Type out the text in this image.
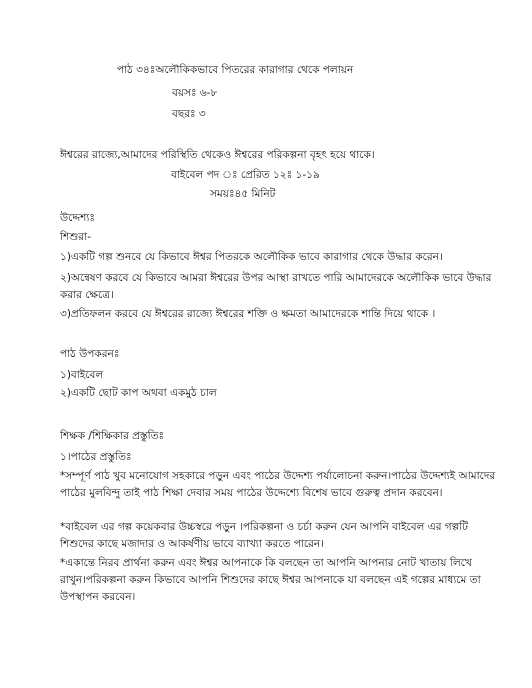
পাঠ ৩৪ঃঅলৌকিকভাবে পিতরের কারাগার থেকে পলায়ন
বয়সঃ ৬-৮
বছরঃ ৩
ঈশ্বরের রাজ্যে,আমাদের পরিস্থিতি থেকেও ঈশ্বরের পরিকল্পনা বৃহৎ হয়ে থাকে।
বাইবেল পদ ঃ প্রেরিত ১২ঃ ১-১৯
সময়ঃ৪৫ মিনিট
উদ্দেশ্যঃ
শিশুরা-
১)একটি গল্প শুনবে যে কিভাবে ঈশ্বর পিতরকে অলৌকিক ভাবে কারাগার থেকে উদ্ধার করেন।
২)অন্বেষণ করবে যে কিভাবে আমরা ঈশ্বরের উপর আস্থা রাখতে পারি আমাদেরকে অলৌকিক ভাবে উদ্ধার করার ক্ষেত্রে।
৩)প্রতিফলন করবে যে ঈশ্বরের রাজ্যে ঈশ্বরের শক্তি ও ক্ষমতা আমাদেরকে শান্তি দিয়ে থাকে ।
পাঠ উপকরনঃ
১)বাইবেল
২)একটি ছোট কাপ অথবা একমুঠ চাল
শিক্ষক /শিক্ষিকার প্রস্তুতিঃ
১।পাঠের প্রস্তুতিঃ
*সম্পূর্ণ পাঠ খুব মনোযোগ সহকারে পড়ুন এবং পাঠের উদ্দেশ্য পর্যালোচনা করুন।পাঠের উদ্দেশ্যই আমাদের পাঠের মুলবিন্দু তাই পাঠ শিক্ষা দেবার সময় পাঠের উদ্দেশ্যে বিশেষ ভাবে গুরুত্ব প্রদান করবেন।
*বাইবেল এর গল্প কয়েকবার উচ্চস্বরে পড়ুন ।পরিকল্পনা ও চর্চা করুন যেন আপনি বাইবেল এর গল্পটি শিশুদের কাছে মজাদার ও আকর্ষণীয় ভাবে ব্যাখ্যা করতে পারেন।
*একান্তে নিরব প্রার্থনা করুন এবং ঈশ্বর আপনাকে কি বলছেন তা আপনি আপনার নোট খাতায় লিখে রাখুন।পরিকল্পনা করুন কিভাবে আপনি শিশুদের কাছে ঈশ্বর আপনাকে যা বলছেন এই গল্পের মাধ্যমে তা উপস্থাপন করবেন।
